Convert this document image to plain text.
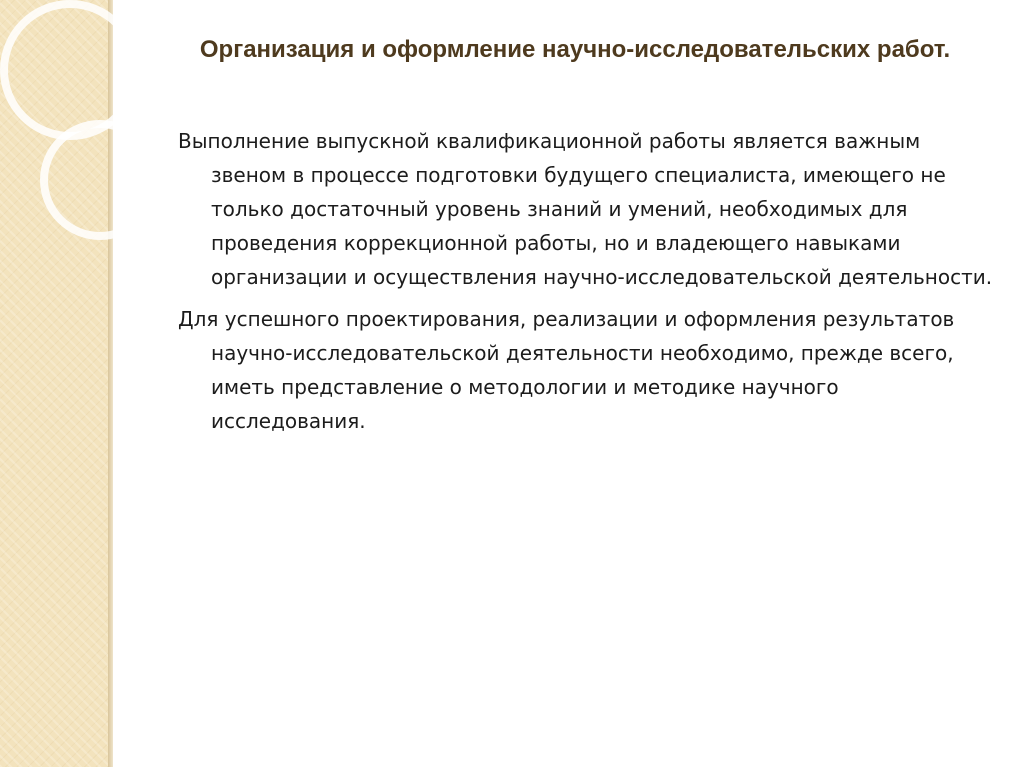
Организация и оформление научно-исследовательских работ.

Выполнение выпускной квалификационной работы является важным звеном в процессе подготовки будущего специалиста, имеющего не только достаточный уровень знаний и умений, необходимых для проведения коррекционной работы, но и владеющего навыками организации и осуществления научно-исследовательской деятельности.

Для успешного проектирования, реализации и оформления результатов научно-исследовательской деятельности необходимо, прежде всего, иметь представление о методологии и методике научного исследования.
